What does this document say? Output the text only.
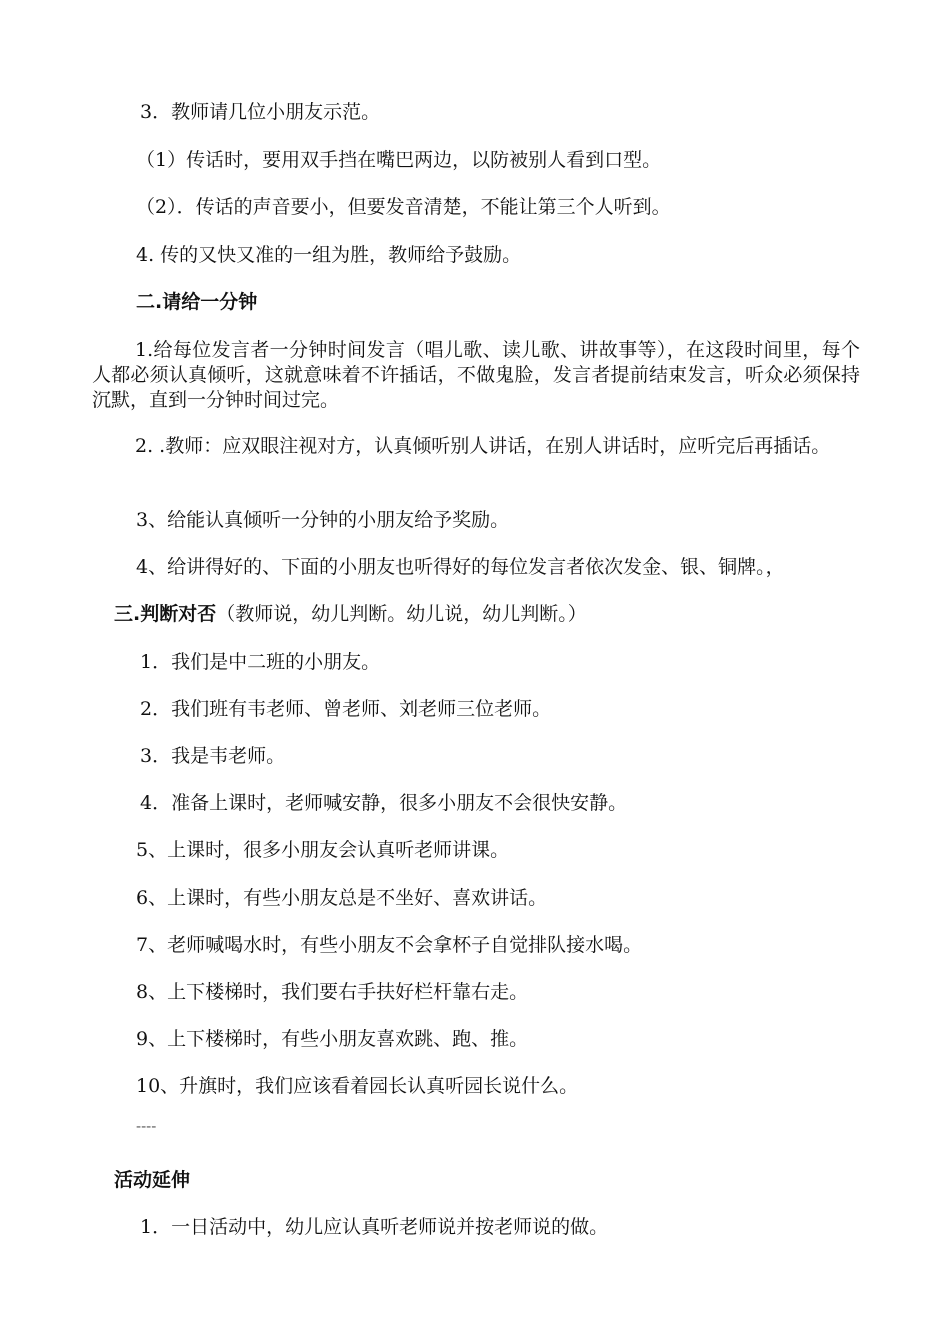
3．教师请几位小朋友示范。

（1）传话时，要用双手挡在嘴巴两边，以防被别人看到口型。

（2）．传话的声音要小，但要发音清楚，不能让第三个人听到。

4. 传的又快又准的一组为胜，教师给予鼓励。

二.请给一分钟

1.给每位发言者一分钟时间发言（唱儿歌、读儿歌、讲故事等），在这段时间里，每个人都必须认真倾听，这就意味着不许插话，不做鬼脸，发言者提前结束发言，听众必须保持沉默，直到一分钟时间过完。

2. .教师：应双眼注视对方，认真倾听别人讲话，在别人讲话时，应听完后再插话。

3、给能认真倾听一分钟的小朋友给予奖励。

4、给讲得好的、下面的小朋友也听得好的每位发言者依次发金、银、铜牌。，

三.判断对否（教师说，幼儿判断。幼儿说，幼儿判断。）

1．我们是中二班的小朋友。

2．我们班有韦老师、曾老师、刘老师三位老师。

3．我是韦老师。

4．准备上课时，老师喊安静，很多小朋友不会很快安静。

5、上课时，很多小朋友会认真听老师讲课。

6、上课时，有些小朋友总是不坐好、喜欢讲话。

7、老师喊喝水时，有些小朋友不会拿杯子自觉排队接水喝。

8、上下楼梯时，我们要右手扶好栏杆靠右走。

9、上下楼梯时，有些小朋友喜欢跳、跑、推。

10、升旗时，我们应该看着园长认真听园长说什么。

----

活动延伸

1．一日活动中，幼儿应认真听老师说并按老师说的做。
